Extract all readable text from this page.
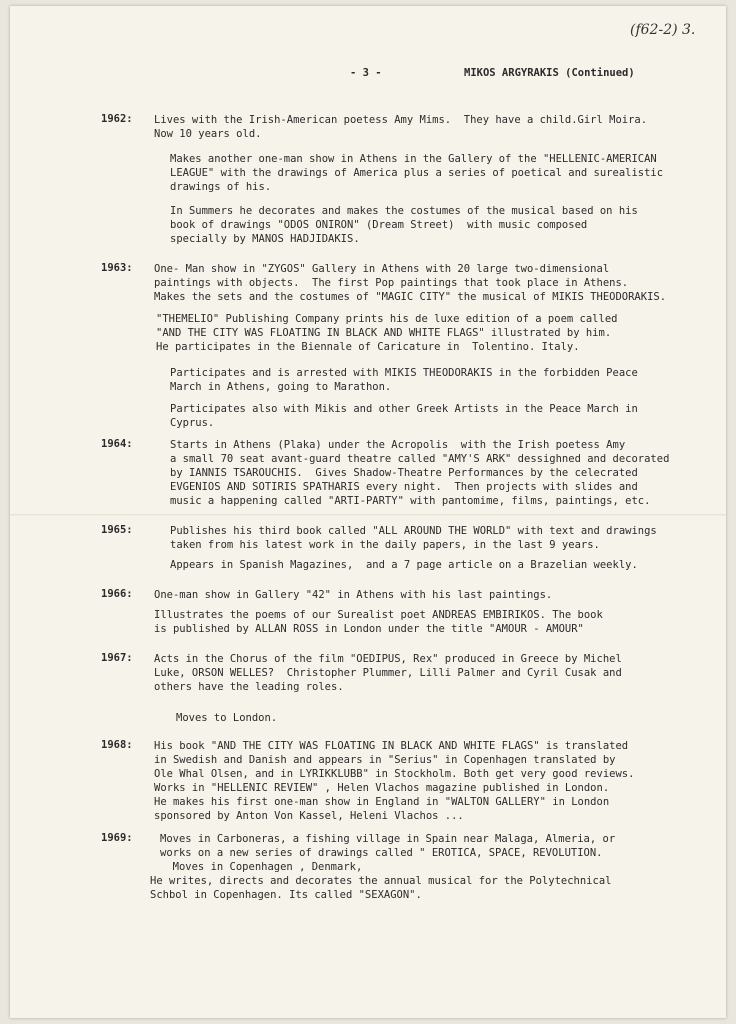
(f62-2) 3.
- 3 -	MIKOS ARGYRAKIS (Continued)
1962: Lives with the Irish-American poetess Amy Mims.  They have a child.Girl Moira.
Now 10 years old.
Makes another one-man show in Athens in the Gallery of the "HELLENIC-AMERICAN
LEAGUE" with the drawings of America plus a series of poetical and surealistic
drawings of his.
In Summers he decorates and makes the costumes of the musical based on his
book of drawings "ODOS ONIRON" (Dream Street)  with music composed
specially by MANOS HADJIDAKIS.
1963: One- Man show in "ZYGOS" Gallery in Athens with 20 large two-dimensional
paintings with objects.  The first Pop paintings that took place in Athens.
Makes the sets and the costumes of "MAGIC CITY" the musical of MIKIS THEODORAKIS.
"THEMELIO" Publishing Company prints his de luxe edition of a poem called
"AND THE CITY WAS FLOATING IN BLACK AND WHITE FLAGS" illustrated by him.
He participates in the Biennale of Caricature in  Tolentino. Italy.
Participates and is arrested with MIKIS THEODORAKIS in the forbidden Peace
March in Athens, going to Marathon.
Participates also with Mikis and other Greek Artists in the Peace March in
Cyprus.
1964:	Starts in Athens (Plaka) under the Acropolis  with the Irish poetess Amy
a small 70 seat avant-guard theatre called "AMY'S ARK" dessighned and decorated
by IANNIS TSAROUCHIS.  Gives Shadow-Theatre Performances by the celecrated
EVGENIOS AND SOTIRIS SPATHARIS every night.  Then projects with slides and
music a happening called "ARTI-PARTY" with pantomime, films, paintings, etc.
1965:	Publishes his third book called "ALL AROUND THE WORLD" with text and drawings
taken from his latest work in the daily papers, in the last 9 years.
Appears in Spanish Magazines,  and a 7 page article on a Brazelian weekly.
1966: One-man show in Gallery "42" in Athens with his last paintings.
Illustrates the poems of our Surealist poet ANDREAS EMBIRIKOS. The book
is published by ALLAN ROSS in London under the title "AMOUR - AMOUR"
1967: Acts in the Chorus of the film "OEDIPUS, Rex" produced in Greece by Michel
Luke, ORSON WELLES?  Christopher Plummer, Lilli Palmer and Cyril Cusak and
others have the leading roles.
Moves to London.
1968: His book "AND THE CITY WAS FLOATING IN BLACK AND WHITE FLAGS" is translated
in Swedish and Danish and appears in "Serius" in Copenhagen translated by
Ole Whal Olsen, and in LYRIKKLUBB" in Stockholm. Both get very good reviews.
Works in "HELLENIC REVIEW" , Helen Vlachos magazine published in London.
He makes his first one-man show in England in "WALTON GALLERY" in London
sponsored by Anton Von Kassel, Heleni Vlachos ...
1969:	Moves in Carboneras, a fishing village in Spain near Malaga, Almeria, or
works on a new series of drawings called " EROTICA, SPACE, REVOLUTION.
Moves in Copenhagen , Denmark,
He writes, directs and decorates the annual musical for the Polytechnical
Schbol in Copenhagen. Its called "SEXAGON".
